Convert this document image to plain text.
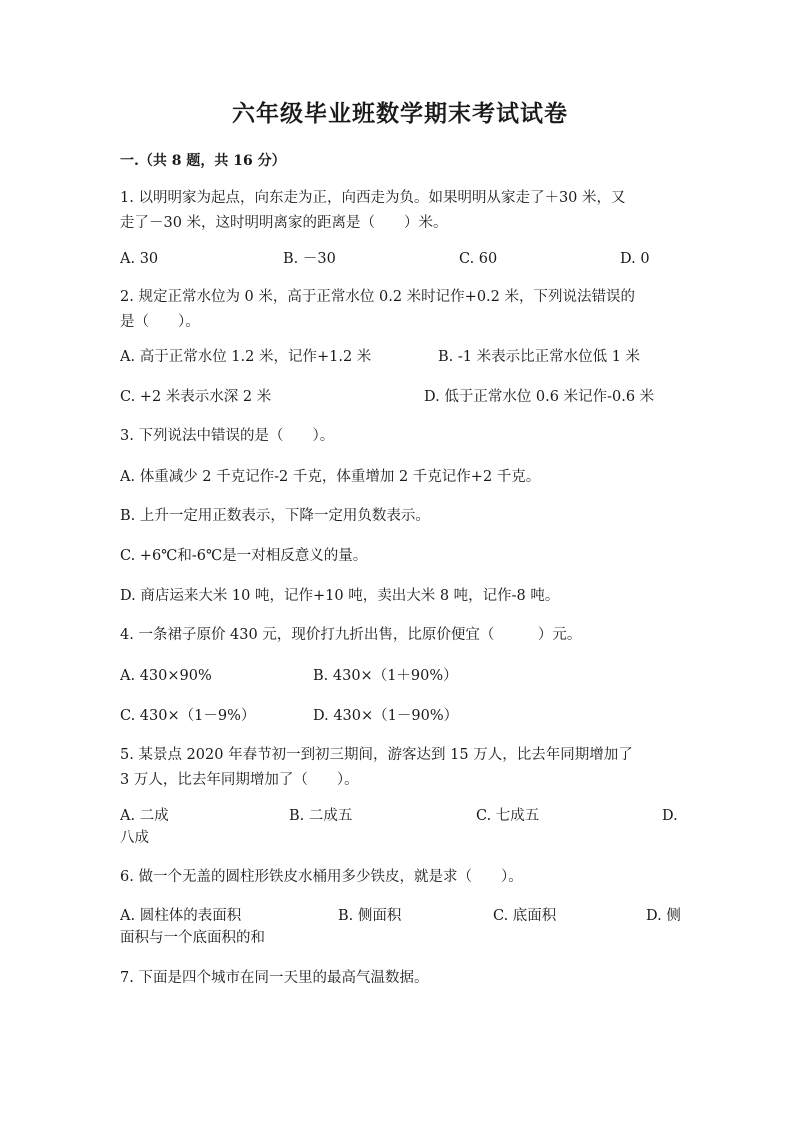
六年级毕业班数学期末考试试卷
一.（共 8 题，共 16 分）
1. 以明明家为起点，向东走为正，向西走为负。如果明明从家走了＋30 米，又
走了－30 米，这时明明离家的距离是（　　）米。
A. 30	B. －30	C. 60	D. 0
2. 规定正常水位为 0 米，高于正常水位 0.2 米时记作+0.2 米，下列说法错误的
是（　　）。
A. 高于正常水位 1.2 米，记作+1.2 米	B. -1 米表示比正常水位低 1 米
C. +2 米表示水深 2 米	D. 低于正常水位 0.6 米记作-0.6 米
3. 下列说法中错误的是（　　）。
A. 体重减少 2 千克记作-2 千克，体重增加 2 千克记作+2 千克。
B. 上升一定用正数表示，下降一定用负数表示。
C. +6℃和-6℃是一对相反意义的量。
D. 商店运来大米 10 吨，记作+10 吨，卖出大米 8 吨，记作-8 吨。
4. 一条裙子原价 430 元，现价打九折出售，比原价便宜（　　　）元。
A. 430×90%	B. 430×（1＋90%）
C. 430×（1－9%）	D. 430×（1－90%）
5. 某景点 2020 年春节初一到初三期间，游客达到 15 万人，比去年同期增加了
3 万人，比去年同期增加了（　　）。
A. 二成	B. 二成五	C. 七成五	D.
八成
6. 做一个无盖的圆柱形铁皮水桶用多少铁皮，就是求（　　）。
A. 圆柱体的表面积	B. 侧面积	C. 底面积	D. 侧
面积与一个底面积的和
7. 下面是四个城市在同一天里的最高气温数据。
